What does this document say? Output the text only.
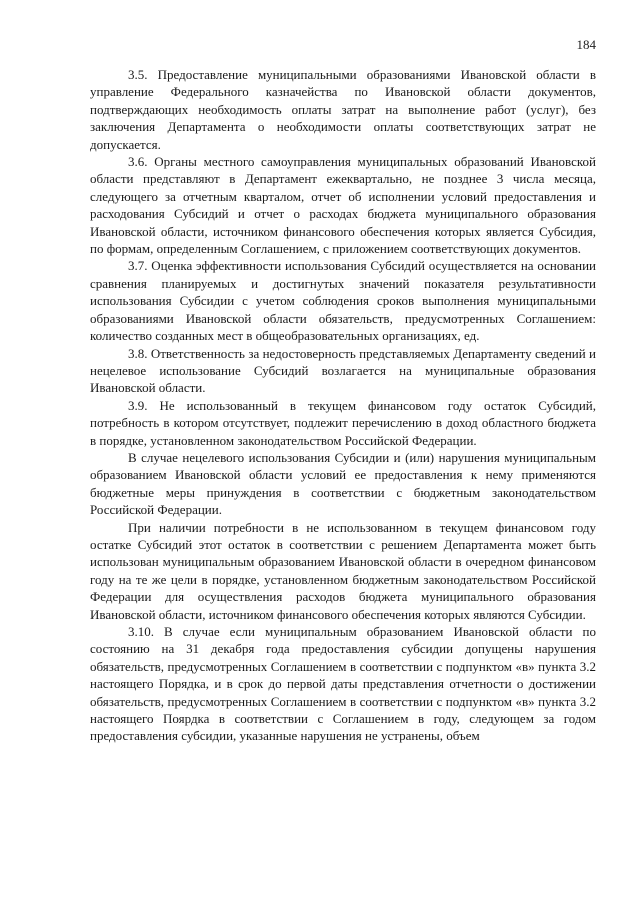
184

3.5. Предоставление муниципальными образованиями Ивановской области в управление Федерального казначейства по Ивановской области документов, подтверждающих необходимость оплаты затрат на выполнение работ (услуг), без заключения Департамента о необходимости оплаты соответствующих затрат не допускается.

3.6. Органы местного самоуправления муниципальных образований Ивановской области представляют в Департамент ежеквартально, не позднее 3 числа месяца, следующего за отчетным кварталом, отчет об исполнении условий предоставления и расходования Субсидий и отчет о расходах бюджета муниципального образования Ивановской области, источником финансового обеспечения которых является Субсидия, по формам, определенным Соглашением, с приложением соответствующих документов.

3.7. Оценка эффективности использования Субсидий осуществляется на основании сравнения планируемых и достигнутых значений показателя результативности использования Субсидии с учетом соблюдения сроков выполнения муниципальными образованиями Ивановской области обязательств, предусмотренных Соглашением: количество созданных мест в общеобразовательных организациях, ед.

3.8. Ответственность за недостоверность представляемых Департаменту сведений и нецелевое использование Субсидий возлагается на муниципальные образования Ивановской области.

3.9. Не использованный в текущем финансовом году остаток Субсидий, потребность в котором отсутствует, подлежит перечислению в доход областного бюджета в порядке, установленном законодательством Российской Федерации.

В случае нецелевого использования Субсидии и (или) нарушения муниципальным образованием Ивановской области условий ее предоставления к нему применяются бюджетные меры принуждения в соответствии с бюджетным законодательством Российской Федерации.

При наличии потребности в не использованном в текущем финансовом году остатке Субсидий этот остаток в соответствии с решением Департамента может быть использован муниципальным образованием Ивановской области в очередном финансовом году на те же цели в порядке, установленном бюджетным законодательством Российской Федерации для осуществления расходов бюджета муниципального образования Ивановской области, источником финансового обеспечения которых являются Субсидии.

3.10. В случае если муниципальным образованием Ивановской области по состоянию на 31 декабря года предоставления субсидии допущены нарушения обязательств, предусмотренных Соглашением в соответствии с подпунктом «в» пункта 3.2 настоящего Порядка, и в срок до первой даты представления отчетности о достижении обязательств, предусмотренных Соглашением в соответствии с подпунктом «в» пункта 3.2 настоящего Поярдка в соответствии с Соглашением в году, следующем за годом предоставления субсидии, указанные нарушения не устранены, объем
